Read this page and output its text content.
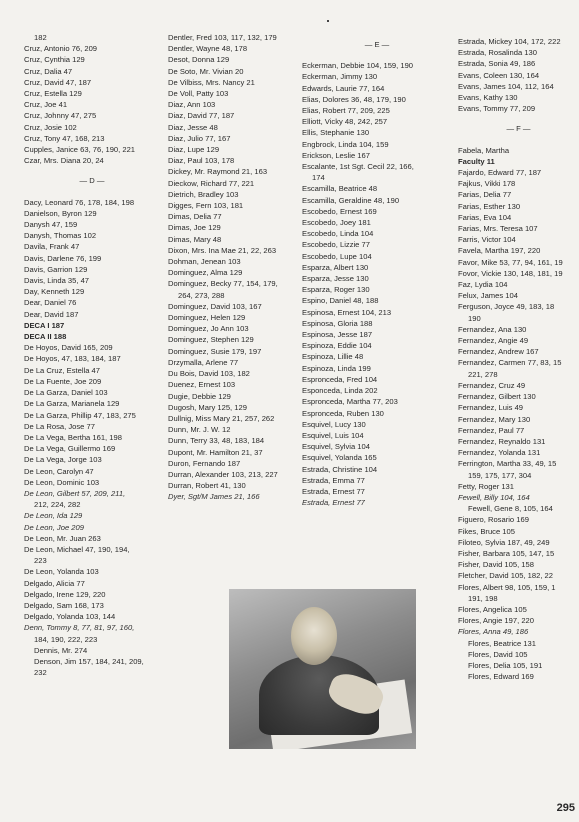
182
Cruz, Antonio 76, 209
Cruz, Cynthia 129
Cruz, Dalia 47
Cruz, David 47, 187
Cruz, Estella 129
Cruz, Joe 41
Cruz, Johnny 47, 275
Cruz, Josie 102
Cruz, Tony 47, 168, 213
Cupples, Janice 63, 76, 190, 221
Czar, Mrs. Diana 20, 24
— D —
Dacy, Leonard 76, 178, 184, 198
Danielson, Byron 129
Danysh 47, 159
Danysh, Thomas 102
Davila, Frank 47
Davis, Darlene 76, 199
Davis, Garrion 129
Davis, Linda 35, 47
Day, Kenneth 129
Dear, Daniel 76
Dear, David 187
DECA I 187
DECA II 188
De Hoyos, David 165, 209
De Hoyos, 47, 183, 184, 187
De La Cruz, Estella 47
De La Fuente, Joe 209
De La Garza, Daniel 103
De La Garza, Marianela 129
De La Garza, Phillip 47, 183, 275
De La Rosa, Jose 77
De La Vega, Bertha 161, 198
De La Vega, Guillermo 169
De La Vega, Jorge 103
De Leon, Carolyn 47
De Leon, Dominic 103
De Leon, Gilbert 57, 209, 211,
212, 224, 282
De Leon, Ida 129
De Leon, Joe 209
De Leon, Mr. Juan 263
De Leon, Michael 47, 190, 194,
223
De Leon, Yolanda 103
Delgado, Alicia 77
Delgado, Irene 129, 220
Delgado, Sam 168, 173
Delgado, Yolanda 103, 144
Denn, Tommy 8, 77, 81, 97, 160,
184, 190, 222, 223
Dennis, Mr. 274
Denson, Jim 157, 184, 241, 209,
232
Dentler, Fred 103, 117, 132, 179
Dentler, Wayne 48, 178
Desot, Donna 129
De Soto, Mr. Vivian 20
De Vilbiss, Mrs. Nancy 21
De Voll, Patty 103
Diaz, Ann 103
Diaz, David 77, 187
Diaz, Jesse 48
Diaz, Julio 77, 167
Diaz, Lupe 129
Diaz, Paul 103, 178
Dickey, Mr. Raymond 21, 163
Dieckow, Richard 77, 221
Dietrich, Bradley 103
Digges, Fern 103, 181
Dimas, Delia 77
Dimas, Joe 129
Dimas, Mary 48
Dixon, Mrs. Ina Mae 21, 22, 263
Dohman, Jenean 103
Dominguez, Alma 129
Dominguez, Becky 77, 154, 179,
264, 273, 288
Dominguez, David 103, 167
Dominguez, Helen 129
Dominguez, Jo Ann 103
Dominguez, Stephen 129
Dominguez, Susie 179, 197
Drzymalla, Arlene 77
Du Bois, David 103, 182
Duenez, Ernest 103
Dugie, Debbie 129
Dugosh, Mary 125, 129
Dullnig, Miss Mary 21, 257, 262
Dunn, Mr. J. W. 12
Dunn, Terry 33, 48, 183, 184
Dupont, Mr. Hamilton 21, 37
Duron, Fernando 187
Durran, Alexander 103, 213, 227
Durran, Robert 41, 130
Dyer, Sgt/M James 21, 166
— E —
Eckerman, Debbie 104, 159, 190
Eckerman, Jimmy 130
Edwards, Laurie 77, 164
Elias, Dolores 36, 48, 179, 190
Elias, Robert 77, 209, 225
Elliott, Vicky 48, 242, 257
Ellis, Stephanie 130
Engbrock, Linda 104, 159
Erickson, Leslie 167
Escalante, 1st Sgt. Cecil 22, 166,
174
Escamilla, Beatrice 48
Escamilla, Geraldine 48, 190
Escobedo, Ernest 169
Escobedo, Joey 181
Escobedo, Linda 104
Escobedo, Lizzie 77
Escobedo, Lupe 104
Esparza, Albert 130
Esparza, Jesse 130
Esparza, Roger 130
Espino, Daniel 48, 188
Espinosa, Ernest 104, 213
Espinosa, Gloria 188
Espinosa, Jesse 187
Espinoza, Eddie 104
Espinoza, Lillie 48
Espinoza, Linda 199
Espronceda, Fred 104
Esponceda, Linda 202
Espronceda, Martha 77, 203
Espronceda, Ruben 130
Esquivel, Lucy 130
Esquivel, Luis 104
Esquivel, Sylvia 104
Esquivel, Yolanda 165
Estrada, Christine 104
Estrada, Emma 77
Estrada, Ernest 77
Estrada, Ernest 77
Estrada, Mickey 104, 172, 222
Estrada, Rosalinda 130
Estrada, Sonia 49, 186
Evans, Coleen 130, 164
Evans, James 104, 112, 164
Evans, Kathy 130
Evans, Tommy 77, 209
— F —
Fabela, Martha
Faculty 11
Fajardo, Edward 77, 187
Fajkus, Vikki 178
Farias, Delia 77
Farias, Esther 130
Farias, Eva 104
Farias, Mrs. Teresa 107
Farris, Victor 104
Favela, Martha 197, 220
Favor, Mike 53, 77, 94, 161, 19
Fovor, Vickie 130, 148, 181, 19
Faz, Lydia 104
Felux, James 104
Ferguson, Joyce 49, 183, 18
190
Fernandez, Ana 130
Fernandez, Angie 49
Fernandez, Andrew 167
Fernandez, Carmen 77, 83, 15
221, 278
Fernandez, Cruz 49
Fernandez, Gilbert 130
Fernandez, Luis 49
Fernandez, Mary 130
Fernandez, Paul 77
Fernandez, Reynaldo 131
Fernandez, Yolanda 131
Ferrington, Martha 33, 49, 15
159, 175, 177, 304
Fetty, Roger 131
Fewell, Billy 104, 164
Fewell, Gene 8, 105, 164
Figuero, Rosario 169
Fikes, Bruce 105
Filoteo, Sylvia 187, 49, 249
Fisher, Barbara 105, 147, 15
Fisher, David 105, 158
Fletcher, David 105, 182, 22
Flores, Albert 98, 105, 159, 1
191, 198
Flores, Angelica 105
Flores, Angie 197, 220
Flores, Anna 49, 186
Flores, Beatrice 131
Flores, David 105
Flores, Delia 105, 191
Flores, Edward 169
295
